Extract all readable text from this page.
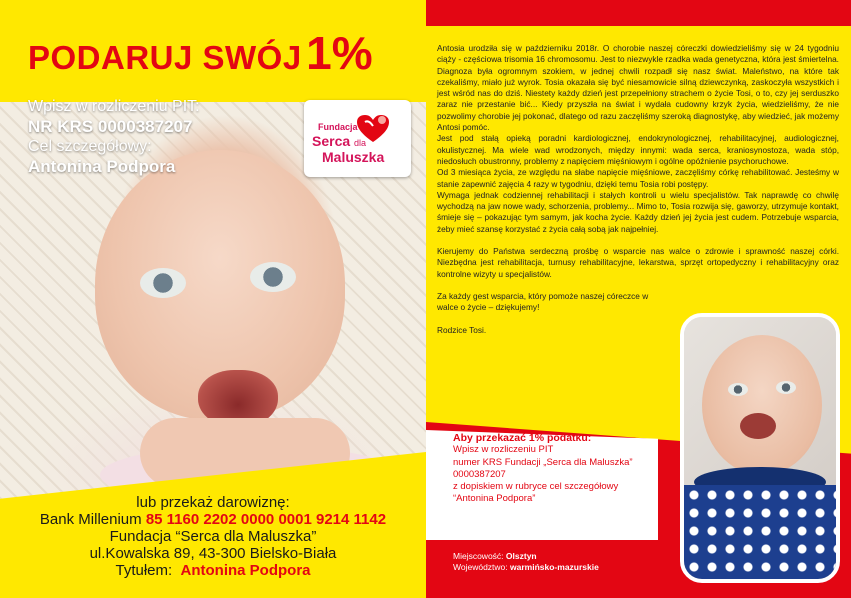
PODARUJ SWÓJ 1%
Wpisz w rozliczeniu PIT:
NR KRS 0000387207
Cel szczegółowy:
Antonina Podpora
Fundacja
Serca dla
Maluszka
lub przekaż darowiznę:
Bank Millenium 85 1160 2202 0000 0001 9214 1142
Fundacja “Serca dla Maluszka”
ul.Kowalska 89, 43-300 Bielsko-Biała
Tytułem: Antonina Podpora

Antosia urodziła się w październiku 2018r. O chorobie naszej córeczki dowiedzieliśmy się w 24 tygodniu ciąży - częściowa trisomia 16 chromosomu. Jest to niezwykle rzadka wada genetyczna, która jest śmiertelna. Diagnoza była ogromnym szokiem, w jednej chwili rozpadł się nasz świat. Maleństwo, na które tak czekaliśmy, miało już wyrok. Tosia okazała się być niesamowicie silną dziewczynką, zaskoczyła wszystkich i jest wśród nas do dziś. Niestety każdy dzień jest przepełniony strachem o życie Tosi, o to, czy jej serduszko zaraz nie przestanie bić... Kiedy przyszła na świat i wydała cudowny krzyk życia, wiedzieliśmy, że nie pozwolimy chorobie jej pokonać, dlatego od razu zaczęliśmy szeroką diagnostykę, aby wiedzieć, jak możemy Antosi pomóc.

Jest pod stałą opieką poradni kardiologicznej, endokrynologicznej, rehabilitacyjnej, audiologicznej, okulistycznej. Ma wiele wad wrodzonych, między innymi: wada serca, kraniosynostoza, wada stóp, niedosłuch obustronny, problemy z napięciem mięśniowym i ogólne opóźnienie psychoruchowe.

Od 3 miesiąca życia, ze względu na słabe napięcie mięśniowe, zaczęliśmy córkę rehabilitować. Jesteśmy w stanie zapewnić zajęcia 4 razy w tygodniu, dzięki temu Tosia robi postępy.

Wymaga jednak codziennej rehabilitacji i stałych kontroli u wielu specjalistów. Tak naprawdę co chwilę wychodzą na jaw nowe wady, schorzenia, problemy... Mimo to, Tosia rozwija się, gaworzy, utrzymuje kontakt, śmieje się – pokazując tym samym, jak kocha życie. Każdy dzień jej życia jest cudem. Potrzebuje wsparcia, żeby mieć szansę korzystać z życia całą sobą jak najpełniej.

Kierujemy do Państwa serdeczną prośbę o wsparcie nas walce o zdrowie i sprawność naszej córki. Niezbędna jest rehabilitacja, turnusy rehabilitacyjne, lekarstwa, sprzęt ortopedyczny i rehabilitacyjny oraz kontrolne wizyty u specjalistów.

Za każdy gest wsparcia, który pomoże naszej córeczce w walce o życie – dziękujemy!

Rodzice Tosi.

Aby przekazać 1% podatku:
Wpisz w rozliczeniu PIT
numer KRS Fundacji „Serca dla Maluszka”
0000387207
z dopiskiem w rubryce cel szczegółowy
“Antonina Podpora”
Miejscowość: Olsztyn
Województwo: warmińsko-mazurskie
